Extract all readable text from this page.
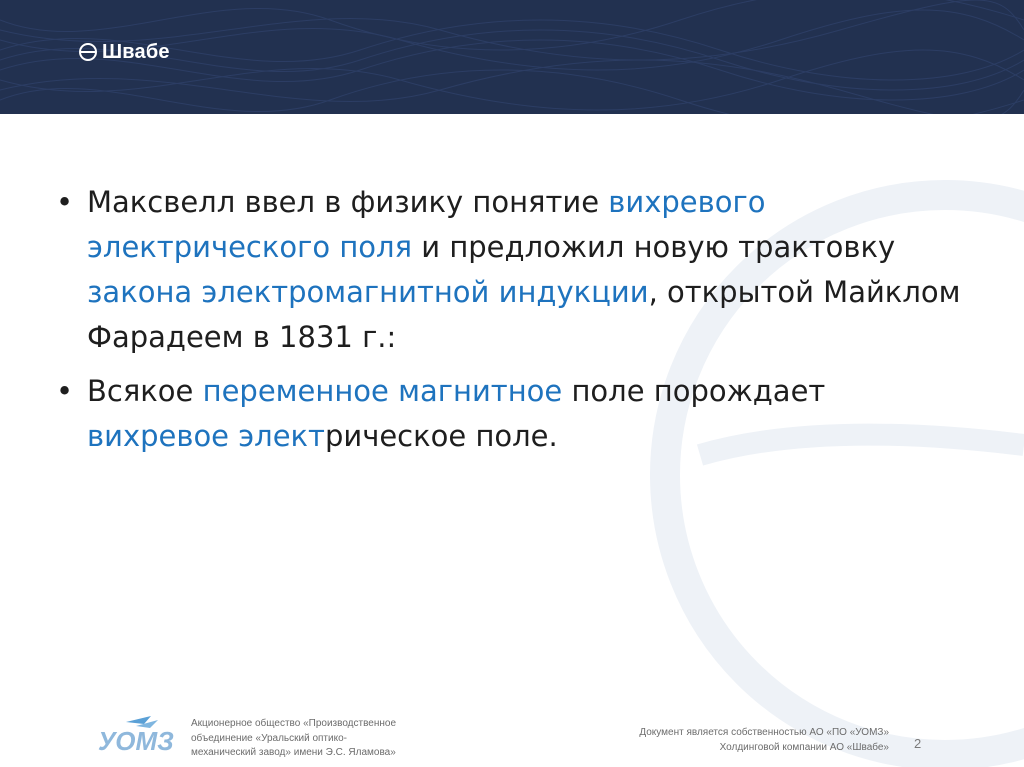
Швабе
• Максвелл ввел в физику понятие вихревого электрического поля и предложил новую трактовку закона электромагнитной индукции, открытой Майклом Фарадеем в 1831 г.:
• Всякое переменное магнитное поле порождает вихревое электрическое поле.
УОМЗ
Акционерное общество «Производственное
объединение «Уральский оптико-
механический завод» имени Э.С. Яламова»
Документ является собственностью АО «ПО «УОМЗ»
Холдинговой компании АО «Швабе» 2
